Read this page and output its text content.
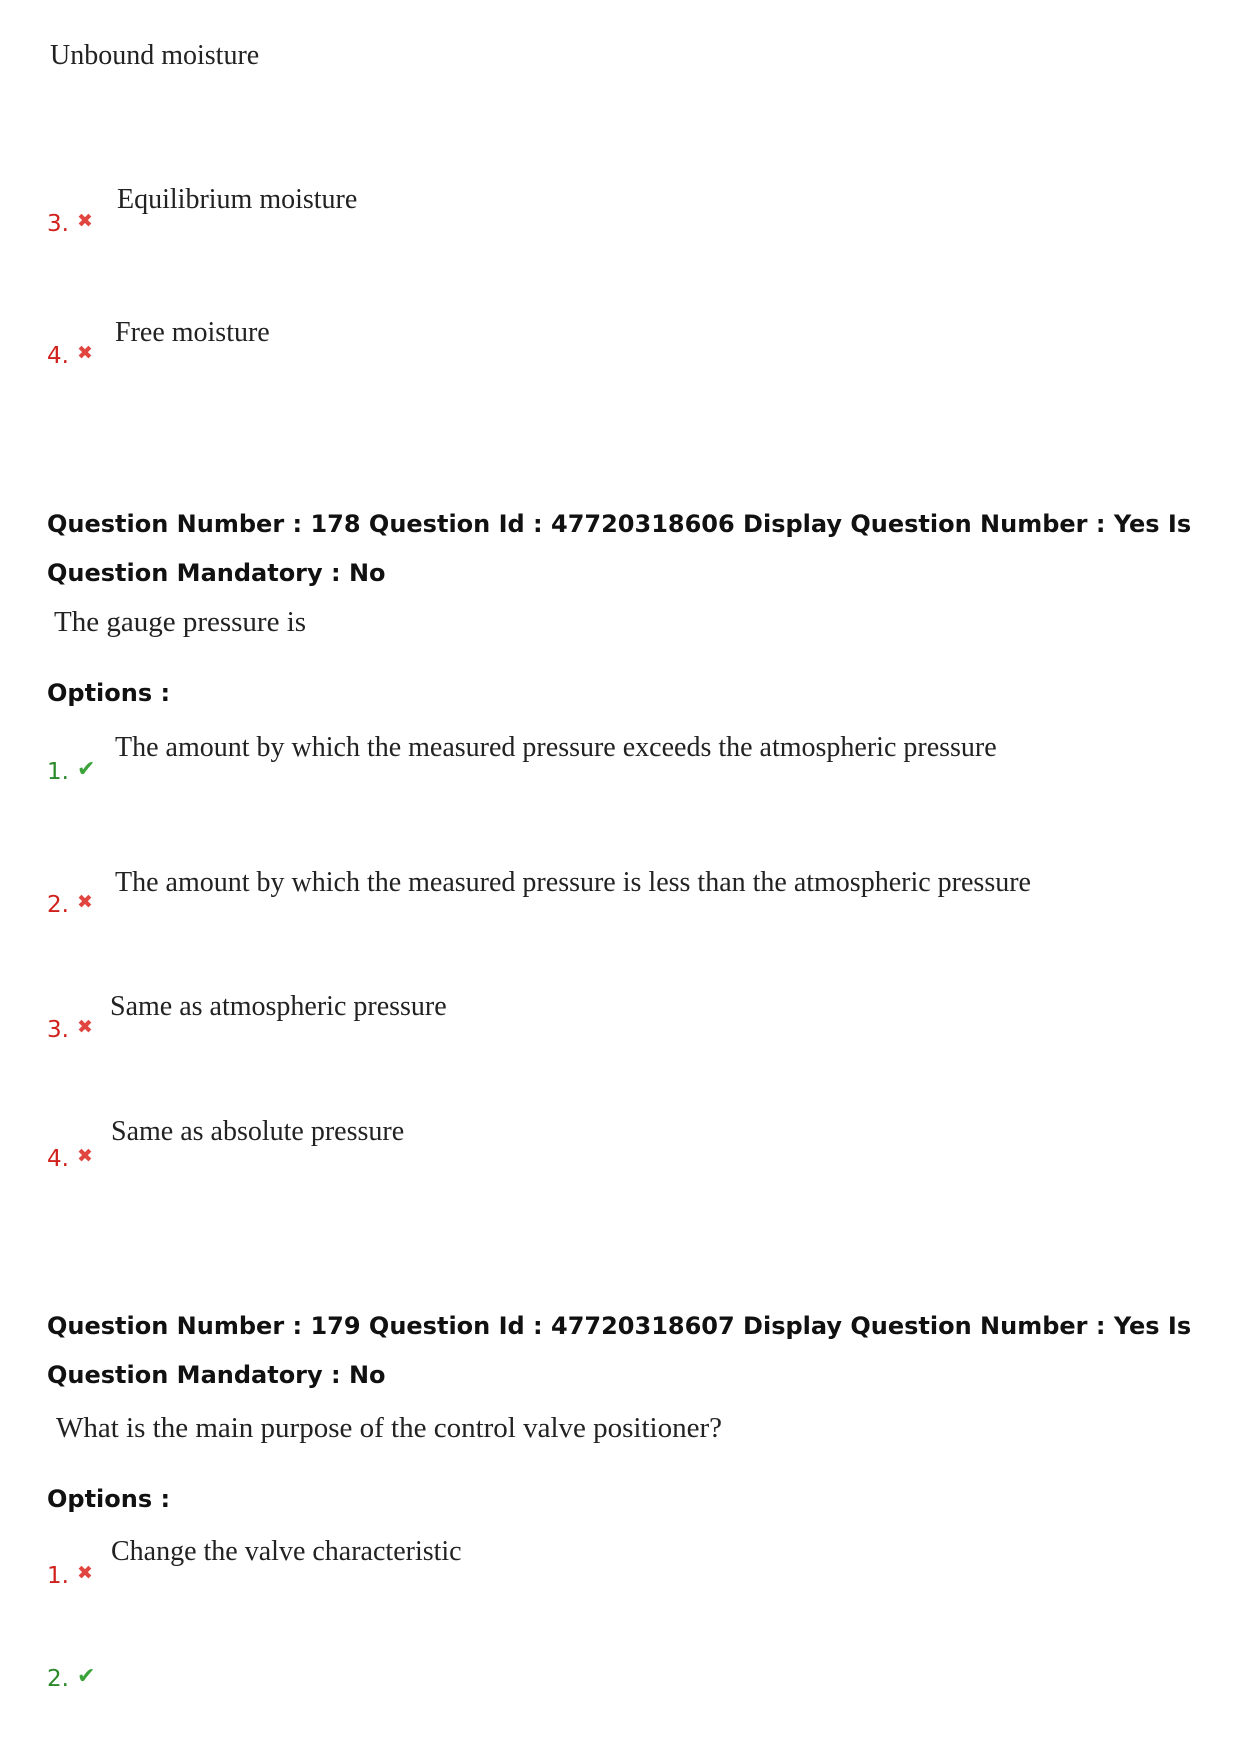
Unbound moisture
3. ✖
Equilibrium moisture
4. ✖
Free moisture
Question Number : 178 Question Id : 47720318606 Display Question Number : Yes Is Question Mandatory : No
The gauge pressure is
Options :
1. ✔
The amount by which the measured pressure exceeds the atmospheric pressure
2. ✖
The amount by which the measured pressure is less than the atmospheric pressure
3. ✖
Same as atmospheric pressure
4. ✖
Same as absolute pressure
Question Number : 179 Question Id : 47720318607 Display Question Number : Yes Is Question Mandatory : No
What is the main purpose of the control valve positioner?
Options :
1. ✖
Change the valve characteristic
2. ✔
